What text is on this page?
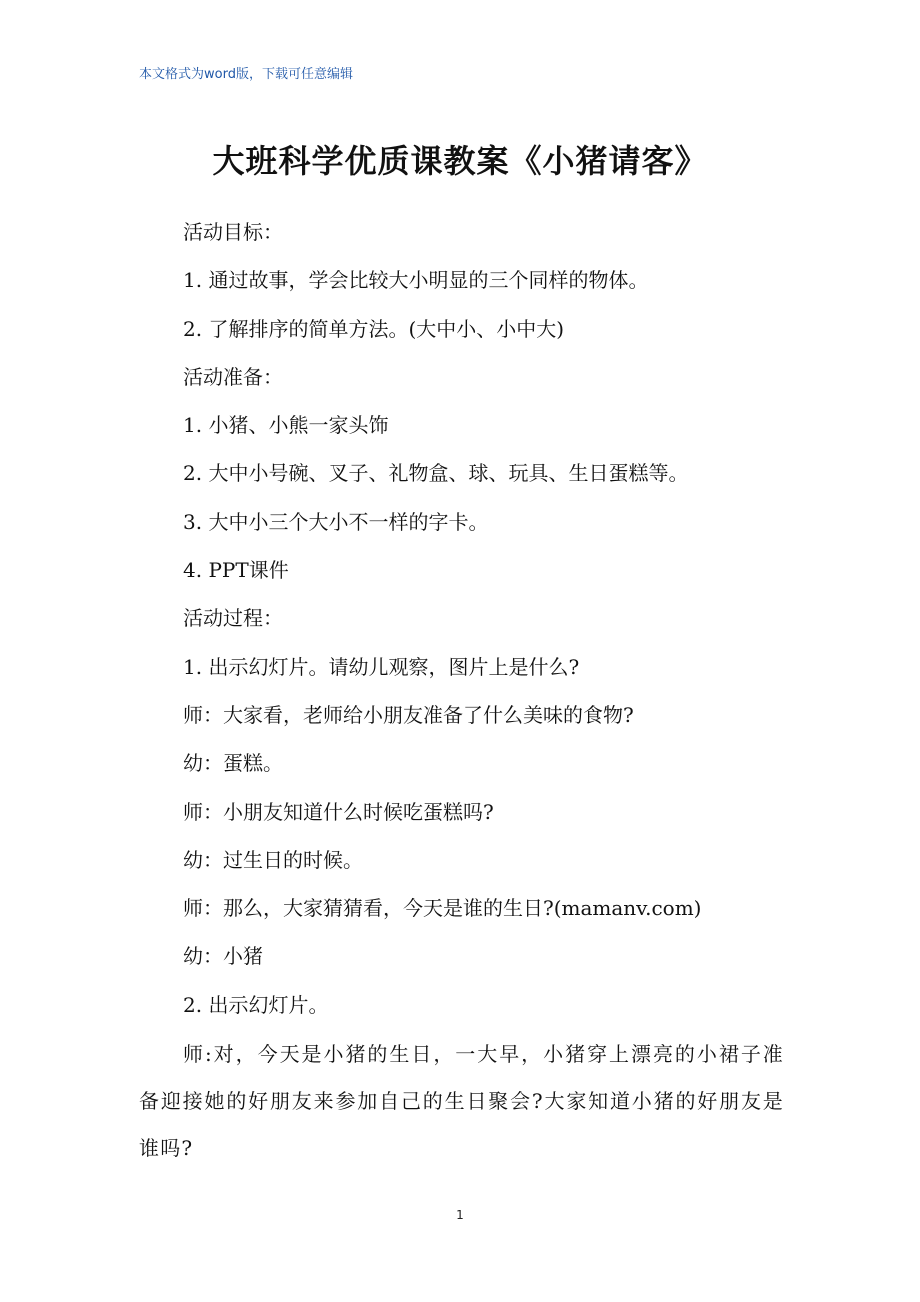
本文格式为word版，下载可任意编辑
大班科学优质课教案《小猪请客》
活动目标：
1. 通过故事，学会比较大小明显的三个同样的物体。
2. 了解排序的简单方法。(大中小、小中大)
活动准备：
1. 小猪、小熊一家头饰
2. 大中小号碗、叉子、礼物盒、球、玩具、生日蛋糕等。
3. 大中小三个大小不一样的字卡。
4. PPT课件
活动过程：
1. 出示幻灯片。请幼儿观察，图片上是什么?
师：大家看，老师给小朋友准备了什么美味的食物?
幼：蛋糕。
师：小朋友知道什么时候吃蛋糕吗?
幼：过生日的时候。
师：那么，大家猜猜看，今天是谁的生日?(mamanv.com)
幼：小猪
2. 出示幻灯片。
师:对，今天是小猪的生日，一大早，小猪穿上漂亮的小裙子准备迎接她的好朋友来参加自己的生日聚会?大家知道小猪的好朋友是谁吗?
1
